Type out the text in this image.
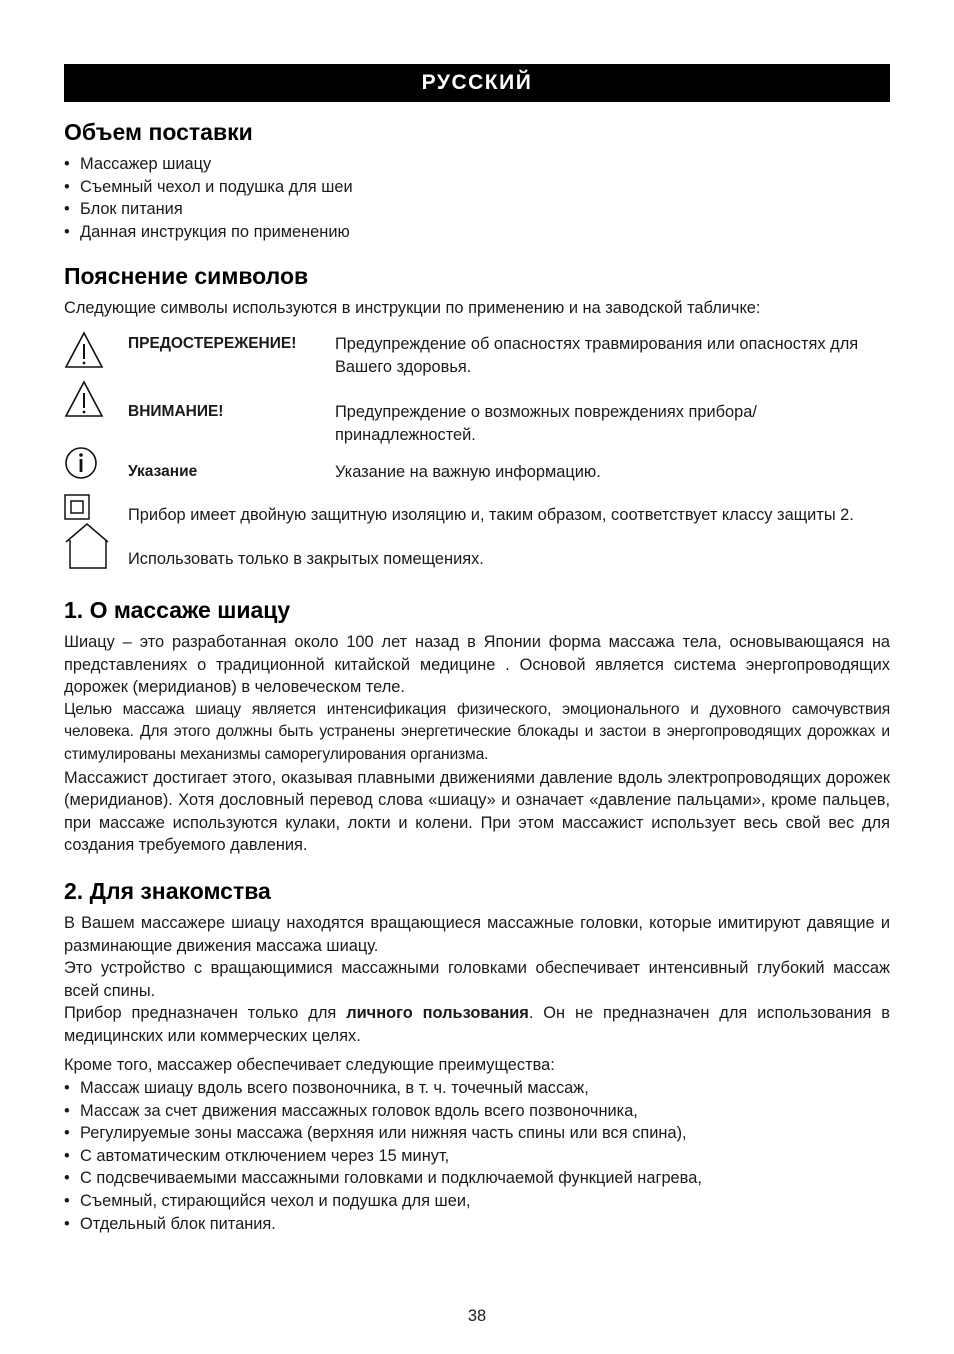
РУССКИЙ
Объем поставки
• Массажер шиацу
• Съемный чехол и подушка для шеи
• Блок питания
• Данная инструкция по применению
Пояснение символов
Следующие символы используются в инструкции по применению и на заводской табличке:
ПРЕДОСТЕРЕЖЕНИЕ! Предупреждение об опасностях травмирования или опасностях для Вашего здоровья.
ВНИМАНИЕ!	Предупреждение о возможных повреждениях прибора/ принадлежностей.
Указание	Указание на важную информацию.
Прибор имеет двойную защитную изоляцию и, таким образом, соответствует классу защиты 2.
Использовать только в закрытых помещениях.
1. О массаже шиацу

Шиацу – это разработанная около 100 лет назад в Японии форма массажа тела, основывающаяся на представлениях о традиционной китайской медицине . Основой является система энергопроводящих дорожек (меридианов) в человеческом теле.

Целью массажа шиацу является интенсификация физического, эмоционального и духовного самочувствия человека. Для этого должны быть устранены энергетические блокады и застои в энергопроводящих дорожках и стимулированы механизмы саморегулирования организма.

Массажист достигает этого, оказывая плавными движениями давление вдоль электропроводящих дорожек (меридианов). Хотя дословный перевод слова «шиацу» и означает «давление пальцами», кроме пальцев, при массаже используются кулаки, локти и колени. При этом массажист использует весь свой вес для создания требуемого давления.

2. Для знакомства

В Вашем массажере шиацу находятся вращающиеся массажные головки, которые имитируют давящие и разминающие движения массажа шиацу.

Это устройство с вращающимися массажными головками обеспечивает интенсивный глубокий массаж всей спины.

Прибор предназначен только для личного пользования. Он не предназначен для использования в медицинских или коммерческих целях.

Кроме того, массажер обеспечивает следующие преимущества:
• Массаж шиацу вдоль всего позвоночника, в т. ч. точечный массаж,
• Массаж за счет движения массажных головок вдоль всего позвоночника,
• Регулируемые зоны массажа (верхняя или нижняя часть спины или вся спина),
• С автоматическим отключением через 15 минут,
• С подсвечиваемыми массажными головками и подключаемой функцией нагрева,
• Съемный, стирающийся чехол и подушка для шеи,
• Отдельный блок питания.
38
